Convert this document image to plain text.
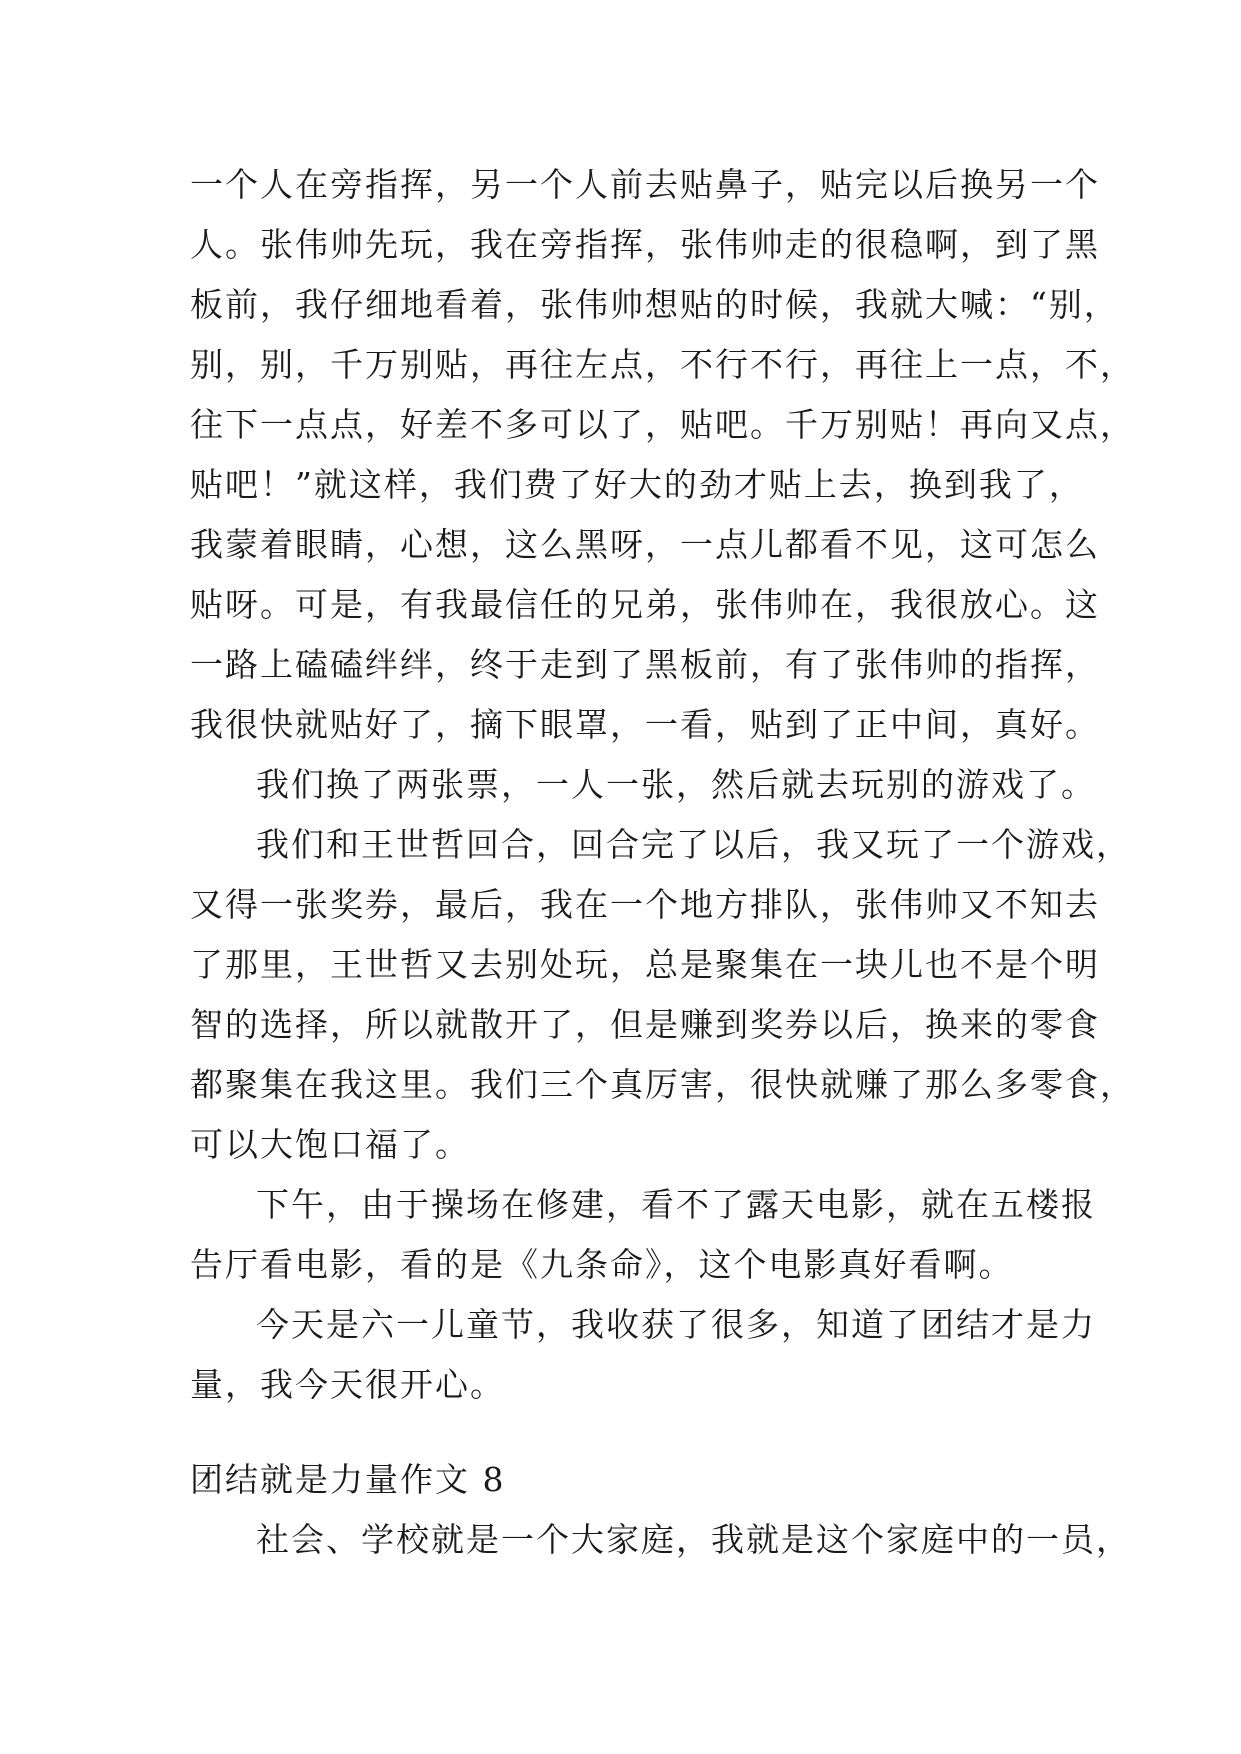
一个人在旁指挥，另一个人前去贴鼻子，贴完以后换另一个
人。张伟帅先玩，我在旁指挥，张伟帅走的很稳啊，到了黑
板前，我仔细地看着，张伟帅想贴的时候，我就大喊：“别，
别，别，千万别贴，再往左点，不行不行，再往上一点，不，
往下一点点，好差不多可以了，贴吧。千万别贴！再向又点，
贴吧！”就这样，我们费了好大的劲才贴上去，换到我了，
我蒙着眼睛，心想，这么黑呀，一点儿都看不见，这可怎么
贴呀。可是，有我最信任的兄弟，张伟帅在，我很放心。这
一路上磕磕绊绊，终于走到了黑板前，有了张伟帅的指挥，
我很快就贴好了，摘下眼罩，一看，贴到了正中间，真好。
我们换了两张票，一人一张，然后就去玩别的游戏了。
我们和王世哲回合，回合完了以后，我又玩了一个游戏，
又得一张奖券，最后，我在一个地方排队，张伟帅又不知去
了那里，王世哲又去别处玩，总是聚集在一块儿也不是个明
智的选择，所以就散开了，但是赚到奖券以后，换来的零食
都聚集在我这里。我们三个真厉害，很快就赚了那么多零食，
可以大饱口福了。
下午，由于操场在修建，看不了露天电影，就在五楼报
告厅看电影，看的是《九条命》，这个电影真好看啊。
今天是六一儿童节，我收获了很多，知道了团结才是力
量，我今天很开心。
团结就是力量作文 8
社会、学校就是一个大家庭，我就是这个家庭中的一员，
